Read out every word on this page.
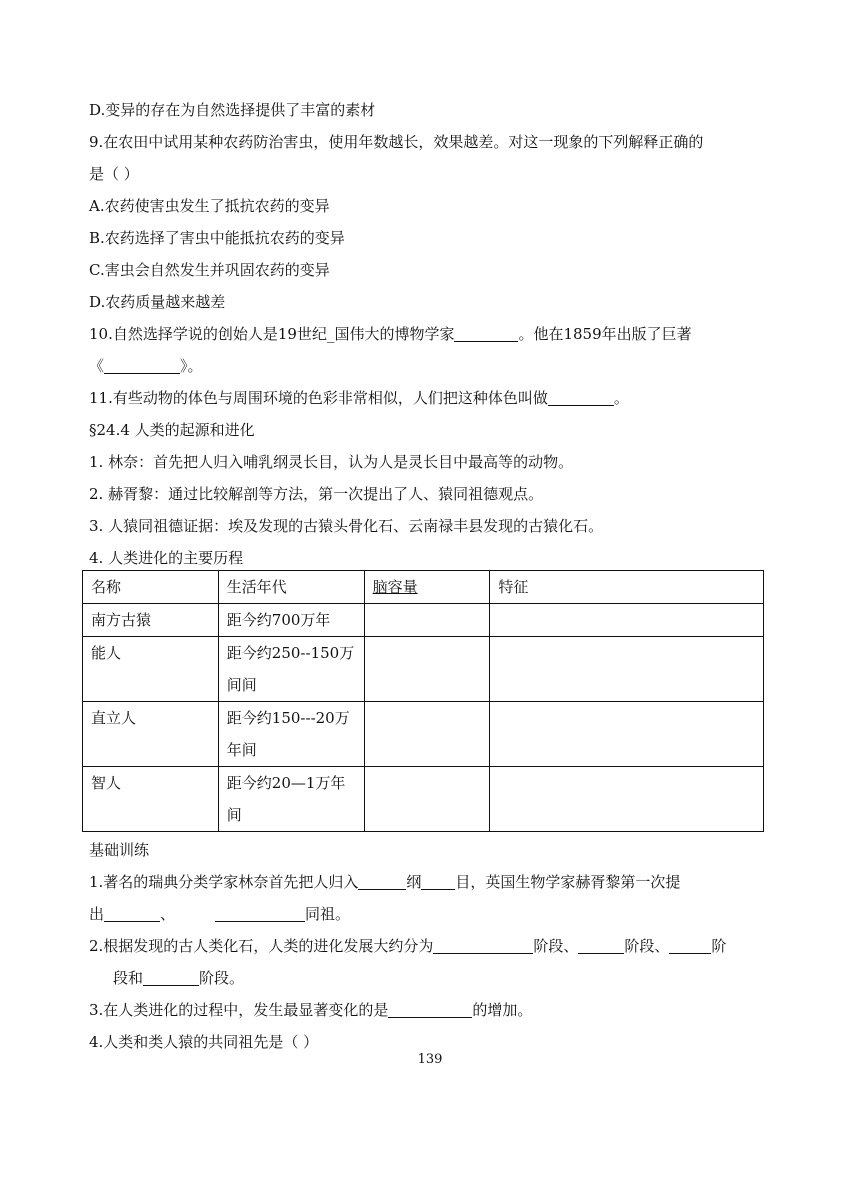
D.变异的存在为自然选择提供了丰富的素材
9.在农田中试用某种农药防治害虫，使用年数越长，效果越差。对这一现象的下列解释正确的
是（ ）
A.农药使害虫发生了抵抗农药的变异
B.农药选择了害虫中能抵抗农药的变异
C.害虫会自然发生并巩固农药的变异
D.农药质量越来越差
10.自然选择学说的创始人是19世纪_国伟大的博物学家	。他在1859年出版了巨著
《	》。
11.有些动物的体色与周围环境的色彩非常相似，人们把这种体色叫做	。
§24.4 人类的起源和进化
1. 林奈：首先把人归入哺乳纲灵长目，认为人是灵长目中最高等的动物。
2. 赫胥黎：通过比较解剖等方法，第一次提出了人、猿同祖德观点。
3. 人猿同祖德证据：埃及发现的古猿头骨化石、云南禄丰县发现的古猿化石。
4. 人类进化的主要历程
名称	生活年代	脑容量	特征
南方古猿	距今约700万年		
能人	距今约250--150万间间		
直立人	距今约150---20万年间		
智人	距今约20—1万年间		
基础训练
1.著名的瑞典分类学家林奈首先把人归入	纲 目，英国生物学家赫胥黎第一次提
出	、	同祖。
2.根据发现的古人类化石，人类的进化发展大约分为	阶段、	阶段、	阶
段和	阶段。
3.在人类进化的过程中，发生最显著变化的是	的增加。
4.人类和类人猿的共同祖先是（ ）
139
